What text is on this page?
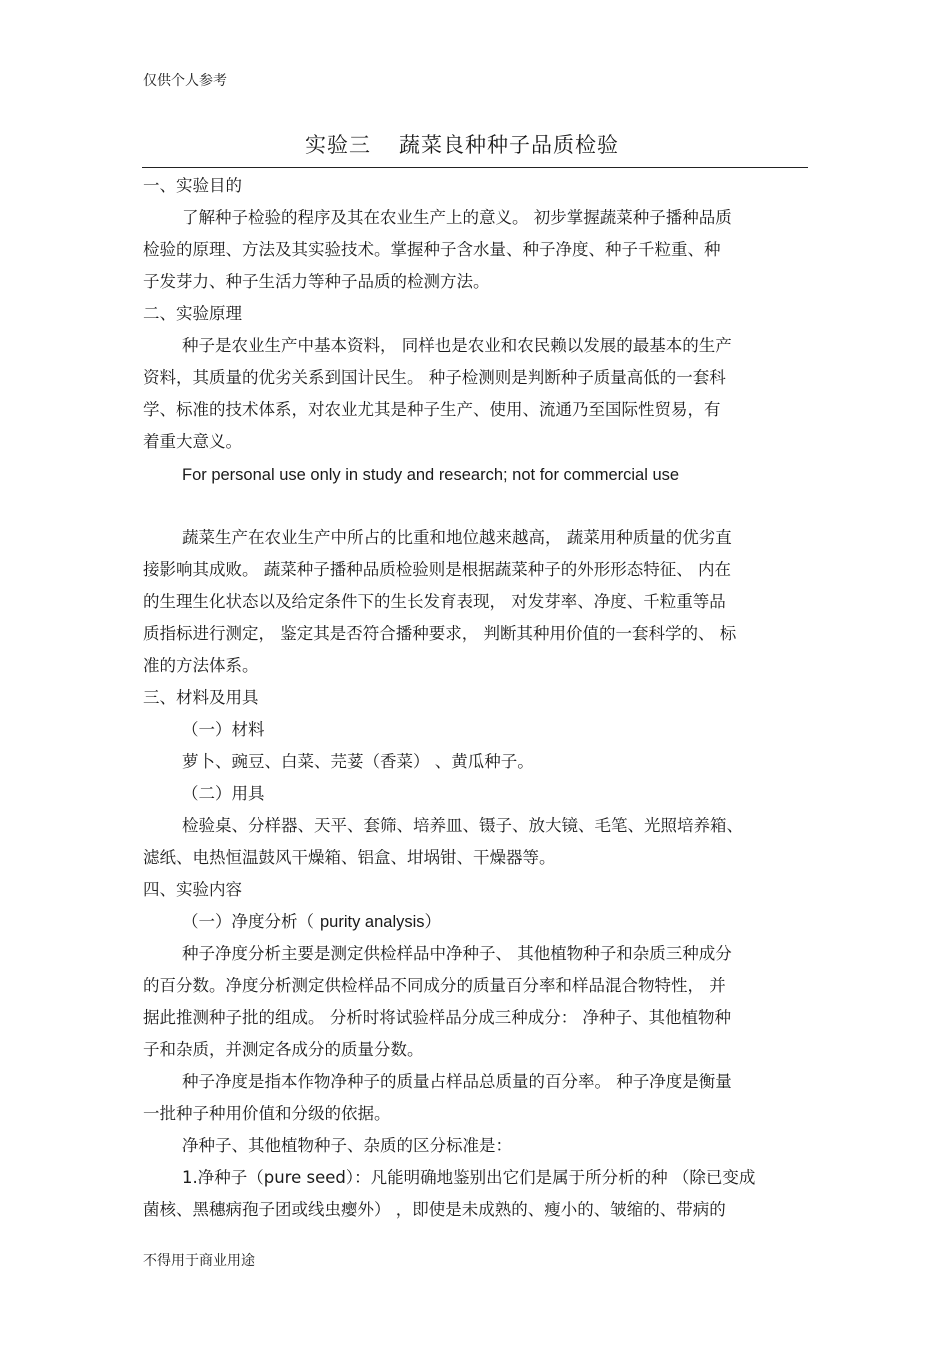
仅供个人参考
实验三 蔬菜良种种子品质检验
一、实验目的
了解种子检验的程序及其在农业生产上的意义。 初步掌握蔬菜种子播种品质
检验的原理、方法及其实验技术。掌握种子含水量、种子净度、种子千粒重、种
子发芽力、种子生活力等种子品质的检测方法。
二、实验原理
种子是农业生产中基本资料， 同样也是农业和农民赖以发展的最基本的生产
资料，其质量的优劣关系到国计民生。 种子检测则是判断种子质量高低的一套科
学、标准的技术体系，对农业尤其是种子生产、使用、流通乃至国际性贸易，有
着重大意义。
For personal use only in study and research; not for commercial use
蔬菜生产在农业生产中所占的比重和地位越来越高， 蔬菜用种质量的优劣直
接影响其成败。 蔬菜种子播种品质检验则是根据蔬菜种子的外形形态特征、 内在
的生理生化状态以及给定条件下的生长发育表现， 对发芽率、净度、千粒重等品
质指标进行测定， 鉴定其是否符合播种要求， 判断其种用价值的一套科学的、 标
准的方法体系。
三、材料及用具
（一）材料
萝卜、豌豆、白菜、芫荽（香菜） 、黄瓜种子。
（二）用具
检验桌、分样器、天平、套筛、培养皿、镊子、放大镜、毛笔、光照培养箱、
滤纸、电热恒温鼓风干燥箱、铝盒、坩埚钳、干燥器等。
四、实验内容
（一）净度分析（ purity analysis）
种子净度分析主要是测定供检样品中净种子、 其他植物种子和杂质三种成分
的百分数。净度分析测定供检样品不同成分的质量百分率和样品混合物特性， 并
据此推测种子批的组成。 分析时将试验样品分成三种成分： 净种子、其他植物种
子和杂质，并测定各成分的质量分数。
种子净度是指本作物净种子的质量占样品总质量的百分率。 种子净度是衡量
一批种子种用价值和分级的依据。
净种子、其他植物种子、杂质的区分标准是：
1.净种子（pure seed）：凡能明确地鉴别出它们是属于所分析的种 （除已变成
菌核、黑穗病孢子团或线虫瘿外） ，即使是未成熟的、瘦小的、皱缩的、带病的
不得用于商业用途
